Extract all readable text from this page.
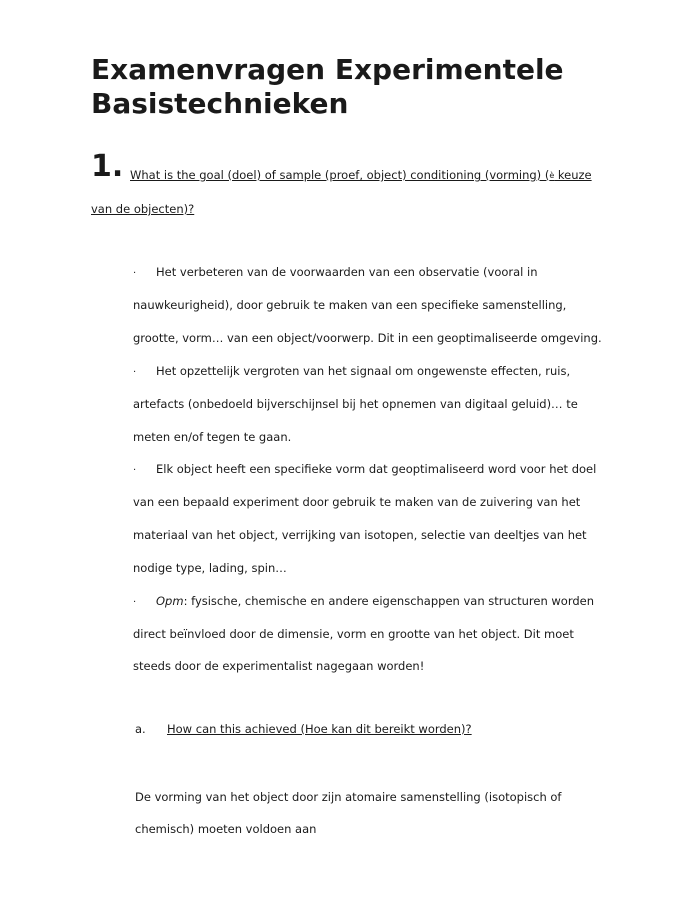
Examenvragen Experimentele
Basistechnieken
1. What is the goal (doel) of sample (proef, object) conditioning (vorming) (è keuze
van de objecten)?
· Het verbeteren van de voorwaarden van een observatie (vooral in
nauwkeurigheid), door gebruik te maken van een specifieke samenstelling,
grootte, vorm… van een object/voorwerp. Dit in een geoptimaliseerde omgeving.
· Het opzettelijk vergroten van het signaal om ongewenste effecten, ruis,
artefacts (onbedoeld bijverschijnsel bij het opnemen van digitaal geluid)… te
meten en/of tegen te gaan.
· Elk object heeft een specifieke vorm dat geoptimaliseerd word voor het doel
van een bepaald experiment door gebruik te maken van de zuivering van het
materiaal van het object, verrijking van isotopen, selectie van deeltjes van het
nodige type, lading, spin…
· Opm: fysische, chemische en andere eigenschappen van structuren worden
direct beïnvloed door de dimensie, vorm en grootte van het object. Dit moet
steeds door de experimentalist nagegaan worden!
a. How can this achieved (Hoe kan dit bereikt worden)?
De vorming van het object door zijn atomaire samenstelling (isotopisch of
chemisch) moeten voldoen aan
